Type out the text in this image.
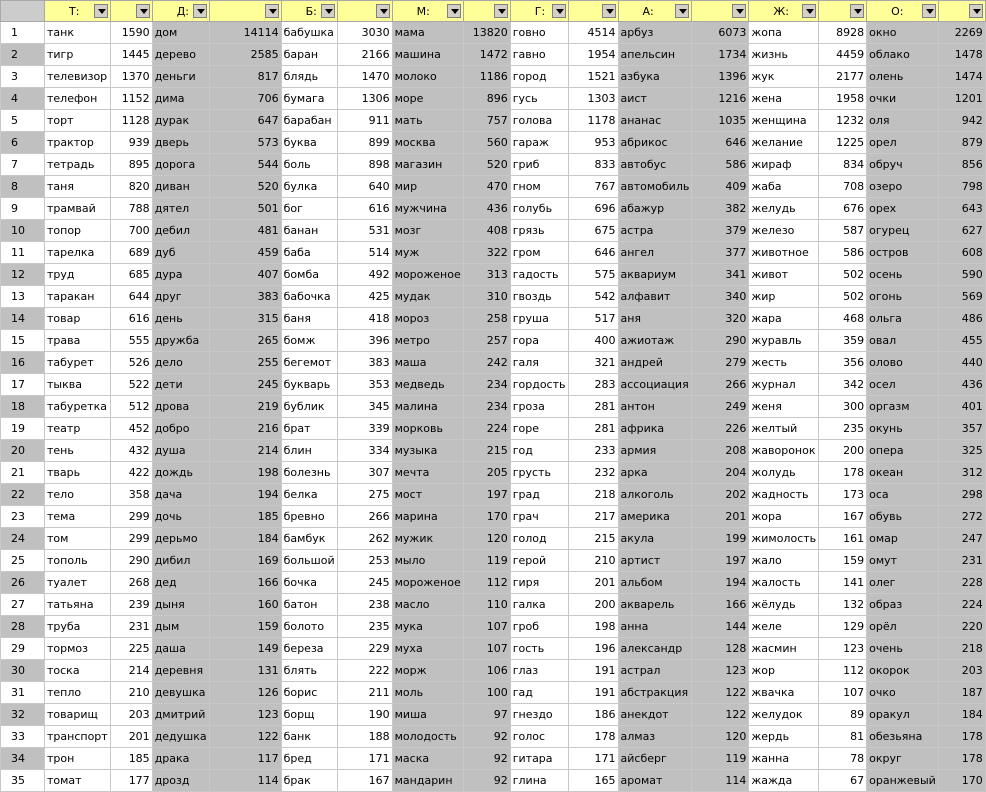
	Т:		Д:		Б:		М:		Г:		А:		Ж:		О:

1	танк	1590	дом	14114	бабушка	3030	мама	13820	говно	4514	арбуз	6073	жопа	8928	окно	2269
2	тигр	1445	дерево	2585	баран	2166	машина	1472	гавно	1954	апельсин	1734	жизнь	4459	облако	1478
3	телевизор	1370	деньги	817	блядь	1470	молоко	1186	город	1521	азбука	1396	жук	2177	олень	1474
4	телефон	1152	дима	706	бумага	1306	море	896	гусь	1303	аист	1216	жена	1958	очки	1201
5	торт	1128	дурак	647	барабан	911	мать	757	голова	1178	ананас	1035	женщина	1232	оля	942
6	трактор	939	дверь	573	буква	899	москва	560	гараж	953	абрикос	646	желание	1225	орел	879
7	тетрадь	895	дорога	544	боль	898	магазин	520	гриб	833	автобус	586	жираф	834	обруч	856
8	таня	820	диван	520	булка	640	мир	470	гном	767	автомобиль	409	жаба	708	озеро	798
9	трамвай	788	дятел	501	бог	616	мужчина	436	голубь	696	абажур	382	желудь	676	орех	643
10	топор	700	дебил	481	банан	531	мозг	408	грязь	675	астра	379	железо	587	огурец	627
11	тарелка	689	дуб	459	баба	514	муж	322	гром	646	ангел	377	животное	586	остров	608
12	труд	685	дура	407	бомба	492	мороженое	313	гадость	575	аквариум	341	живот	502	осень	590
13	таракан	644	друг	383	бабочка	425	мудак	310	гвоздь	542	алфавит	340	жир	502	огонь	569
14	товар	616	день	315	баня	418	мороз	258	груша	517	аня	320	жара	468	ольга	486
15	трава	555	дружба	265	бомж	396	метро	257	гора	400	ажиотаж	290	журавль	359	овал	455
16	табурет	526	дело	255	бегемот	383	маша	242	галя	321	андрей	279	жесть	356	олово	440
17	тыква	522	дети	245	букварь	353	медведь	234	гордость	283	ассоциация	266	журнал	342	осел	436
18	табуретка	512	дрова	219	бублик	345	малина	234	гроза	281	антон	249	женя	300	оргазм	401
19	театр	452	добро	216	брат	339	морковь	224	горе	281	африка	226	желтый	235	окунь	357
20	тень	432	душа	214	блин	334	музыка	215	год	233	армия	208	жаворонок	200	опера	325
21	тварь	422	дождь	198	болезнь	307	мечта	205	грусть	232	арка	204	жолудь	178	океан	312
22	тело	358	дача	194	белка	275	мост	197	град	218	алкоголь	202	жадность	173	оса	298
23	тема	299	дочь	185	бревно	266	марина	170	грач	217	америка	201	жора	167	обувь	272
24	том	299	дерьмо	184	бамбук	262	мужик	120	голод	215	акула	199	жимолость	161	омар	247
25	тополь	290	дибил	169	большой	253	мыло	119	герой	210	артист	197	жало	159	омут	231
26	туалет	268	дед	166	бочка	245	мороженое	112	гиря	201	альбом	194	жалость	141	олег	228
27	татьяна	239	дыня	160	батон	238	масло	110	галка	200	акварель	166	жёлудь	132	образ	224
28	труба	231	дым	159	болото	235	мука	107	гроб	198	анна	144	желе	129	орёл	220
29	тормоз	225	даша	149	береза	229	муха	107	гость	196	александр	128	жасмин	123	очень	218
30	тоска	214	деревня	131	блять	222	морж	106	глаз	191	астрал	123	жор	112	окорок	203
31	тепло	210	девушка	126	борис	211	моль	100	гад	191	абстракция	122	жвачка	107	очко	187
32	товарищ	203	дмитрий	123	борщ	190	миша	97	гнездо	186	анекдот	122	желудок	89	оракул	184
33	транспорт	201	дедушка	122	банк	188	молодость	92	голос	178	алмаз	120	жердь	81	обезьяна	178
34	трон	185	драка	117	бред	171	маска	92	гитара	171	айсберг	119	жанна	78	округ	178
35	томат	177	дрозд	114	брак	167	мандарин	92	глина	165	аромат	114	жажда	67	оранжевый	170
